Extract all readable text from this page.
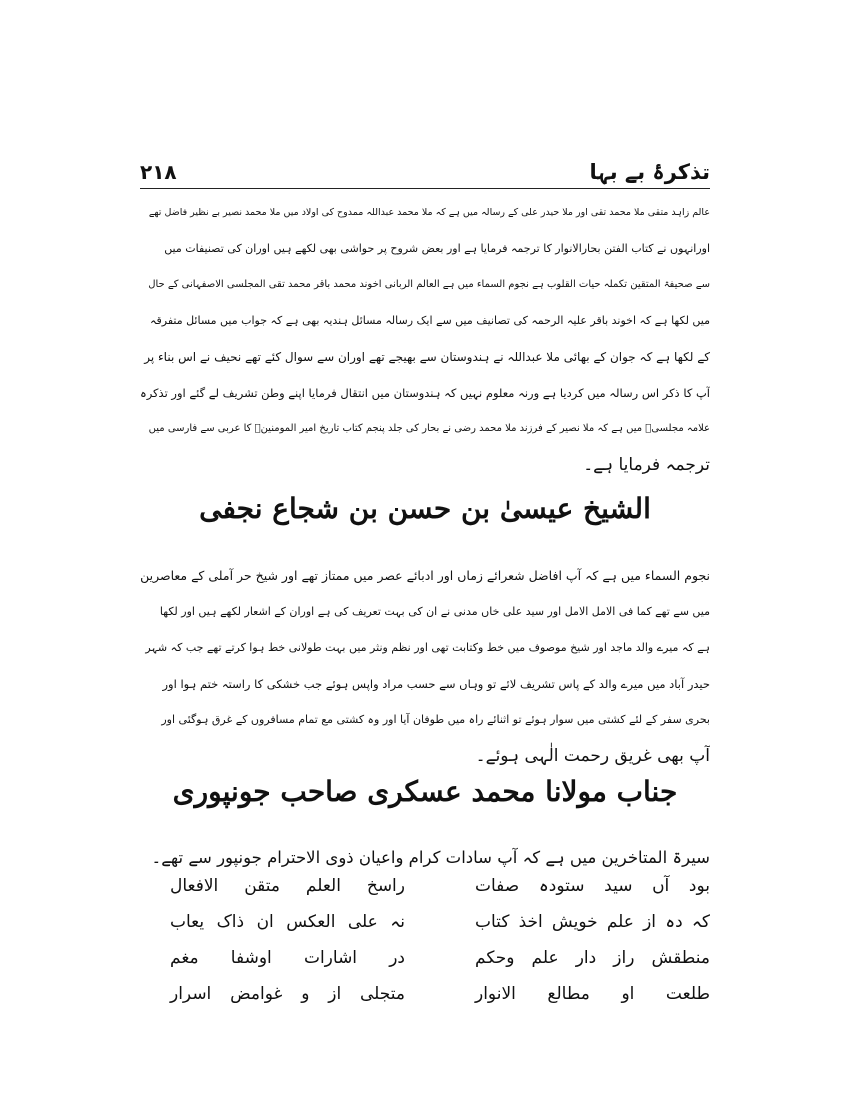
۲۱۸	تذکرۂ بے بہا
عالم زاہد متقی ملا محمد تقی اور ملا حیدر علی کے رسالہ میں ہے کہ ملا محمد عبداللہ ممدوح کی اولاد میں ملا محمد نصیر بے نظیر فاضل تھے
اورانہوں نے کتاب الفتن بحارالانوار کا ترجمہ فرمایا ہے اور بعض شروح پر حواشی بھی لکھے ہیں اوران کی تصنیفات میں
سے صحیفۃ المتقین تکملہ حیات القلوب ہے نجوم السماء میں ہے العالم الربانی اخوند محمد باقر محمد تقی المجلسی الاصفہانی کے حال
میں لکھا ہے کہ اخوند باقر علیہ الرحمہ کی تصانیف میں سے ایک رسالہ مسائل ہندیہ بھی ہے کہ جواب میں مسائل متفرقہ
کے لکھا ہے کہ جوان کے بھائی ملا عبداللہ نے ہندوستان سے بھیجے تھے اوران سے سوال کئے تھے نحیف نے اس بناء پر
آپ کا ذکر اس رسالہ میں کردیا ہے ورنہ معلوم نہیں کہ ہندوستان میں انتقال فرمایا اپنے وطن تشریف لے گئے اور تذکرہ
علامہ مجلسیؒ میں ہے کہ ملا نصیر کے فرزند ملا محمد رضی نے بحار کی جلد پنجم کتاب تاریخ امیر المومنینؑ کا عربی سے فارسی میں
ترجمہ فرمایا ہے۔
الشیخ عیسیٰ بن حسن بن شجاع نجفی
نجوم السماء میں ہے کہ آپ افاضل شعرائے زماں اور ادبائے عصر میں ممتاز تھے اور شیخ حر آملی کے معاصرین
میں سے تھے کما فی الامل الامل اور سید علی خاں مدنی نے ان کی بہت تعریف کی ہے اوران کے اشعار لکھے ہیں اور لکھا
ہے کہ میرے والد ماجد اور شیخ موصوف میں خط وکتابت تھی اور نظم ونثر میں بہت طولانی خط ہوا کرتے تھے جب کہ شہر
حیدر آباد میں میرے والد کے پاس تشریف لائے تو وہاں سے حسب مراد واپس ہوئے جب خشکی کا راستہ ختم ہوا اور
بحری سفر کے لئے کشتی میں سوار ہوئے تو اثنائے راہ میں طوفان آیا اور وہ کشتی مع تمام مسافروں کے غرق ہوگئی اور
آپ بھی غریق رحمت الٰہی ہوئے۔
جناب مولانا محمد عسکری صاحب جونپوری
سیرۃ المتاخرین میں ہے کہ آپ سادات کرام واعیان ذوی الاحترام جونپور سے تھے۔
بود آں سید ستودہ صفات
راسخ العلم متقن الافعال
کہ دہ از علم خویش اخذ کتاب
نہ علی العکس ان ذاک یعاب
منطقش راز دار علم وحکم
در اشارات اوشفا مغم
طلعت او مطالع الانوار
متجلی از و غوامض اسرار
